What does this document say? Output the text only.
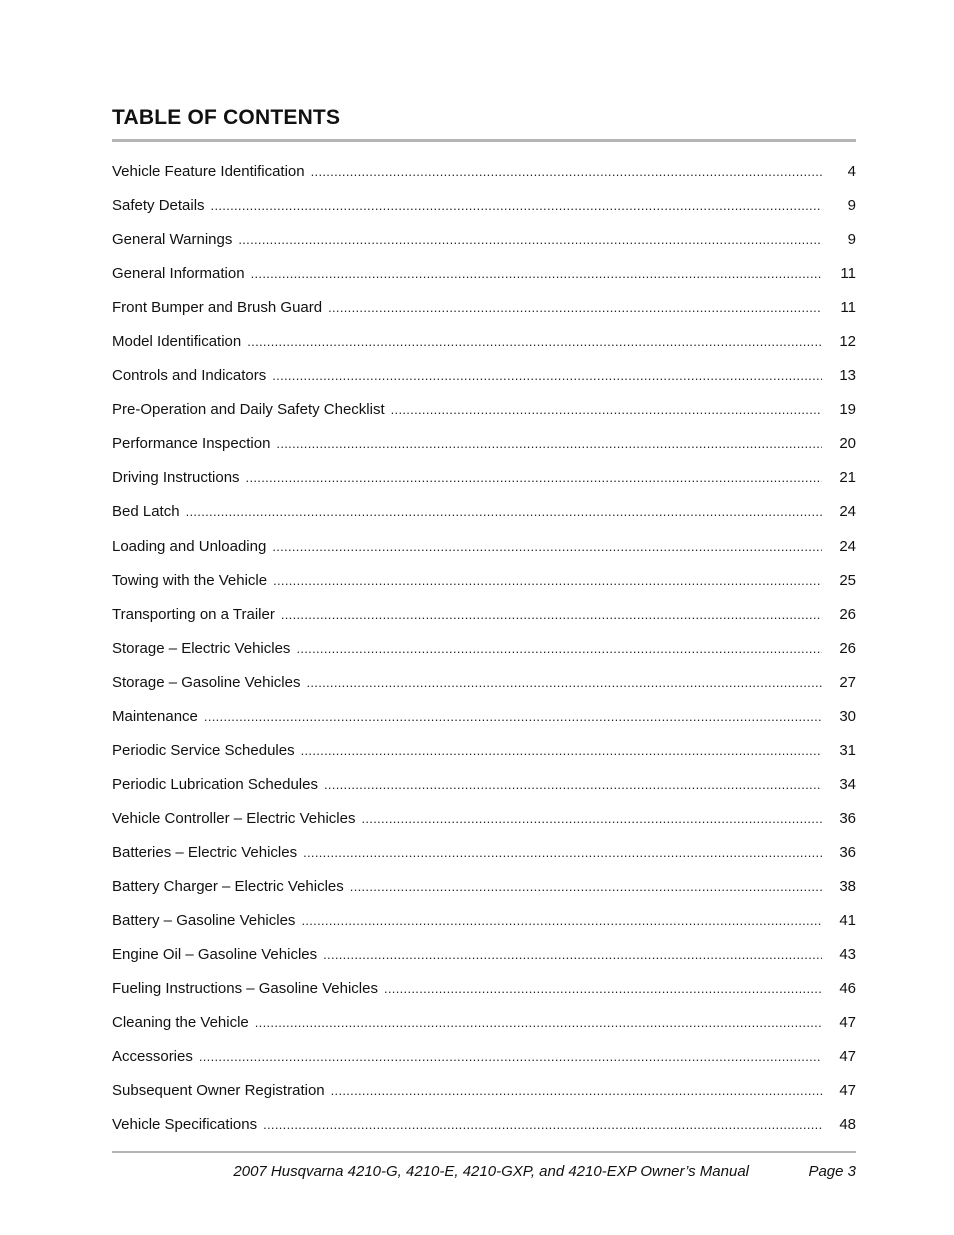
TABLE OF CONTENTS
Vehicle Feature Identification .....	4
Safety Details .....	9
General Warnings .....	9
General Information .....	11
Front Bumper and Brush Guard .....	11
Model Identification .....	12
Controls and Indicators .....	13
Pre-Operation and Daily Safety Checklist .....	19
Performance Inspection .....	20
Driving Instructions .....	21
Bed Latch .....	24
Loading and Unloading .....	24
Towing with the Vehicle .....	25
Transporting on a Trailer .....	26
Storage – Electric Vehicles .....	26
Storage – Gasoline Vehicles .....	27
Maintenance .....	30
Periodic Service Schedules .....	31
Periodic Lubrication Schedules .....	34
Vehicle Controller – Electric Vehicles .....	36
Batteries – Electric Vehicles .....	36
Battery Charger – Electric Vehicles .....	38
Battery – Gasoline Vehicles .....	41
Engine Oil – Gasoline Vehicles .....	43
Fueling Instructions – Gasoline Vehicles .....	46
Cleaning the Vehicle .....	47
Accessories .....	47
Subsequent Owner Registration .....	47
Vehicle Specifications .....	48
2007 Husqvarna 4210-G, 4210-E, 4210-GXP, and 4210-EXP Owner’s Manual	Page 3
